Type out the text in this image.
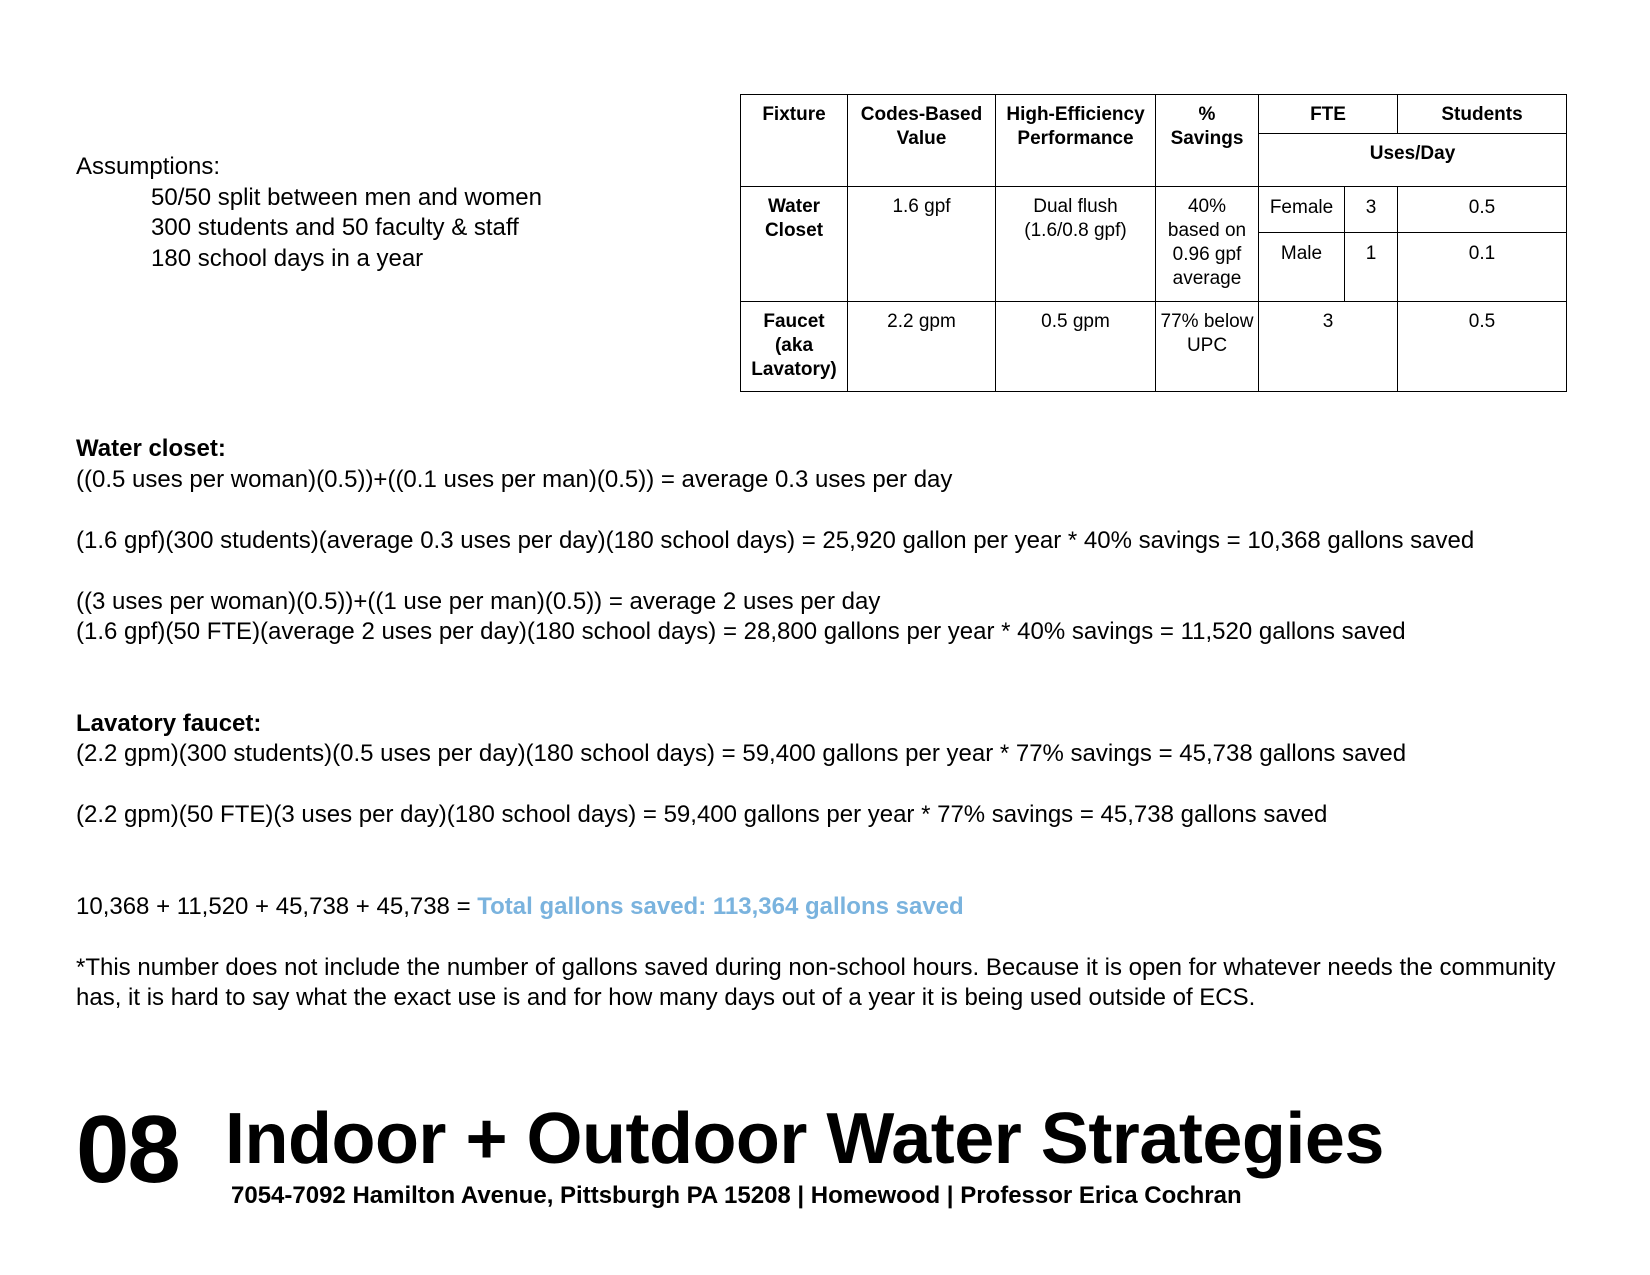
Assumptions:
50/50 split between men and women
300 students and 50 faculty & staff
180 school days in a year
Fixture	Codes-Based Value	High-Efficiency Performance	% Savings	FTE		Students
				Uses/Day		
Water Closet	1.6 gpf	Dual flush (1.6/0.8 gpf)	40% based on 0.96 gpf average	Female	3	0.5
				Male	1	0.1
Faucet (aka Lavatory)	2.2 gpm	0.5 gpm	77% below UPC	3		0.5

Water closet:

((0.5 uses per woman)(0.5))+((0.1 uses per man)(0.5)) = average 0.3 uses per day

(1.6 gpf)(300 students)(average 0.3 uses per day)(180 school days) = 25,920 gallon per year * 40% savings = 10,368 gallons saved

((3 uses per woman)(0.5))+((1 use per man)(0.5)) = average 2 uses per day

(1.6 gpf)(50 FTE)(average 2 uses per day)(180 school days) = 28,800 gallons per year * 40% savings = 11,520 gallons saved

Lavatory faucet:

(2.2 gpm)(300 students)(0.5 uses per day)(180 school days) = 59,400 gallons per year * 77% savings = 45,738 gallons saved

(2.2 gpm)(50 FTE)(3 uses per day)(180 school days) = 59,400 gallons per year * 77% savings = 45,738 gallons saved

10,368 + 11,520 + 45,738 + 45,738 = Total gallons saved: 113,364 gallons saved

*This number does not include the number of gallons saved during non-school hours. Because it is open for whatever needs the community has, it is hard to say what the exact use is and for how many days out of a year it is being used outside of ECS.

08 Indoor + Outdoor Water Strategies
7054-7092 Hamilton Avenue, Pittsburgh PA 15208 | Homewood | Professor Erica Cochran
